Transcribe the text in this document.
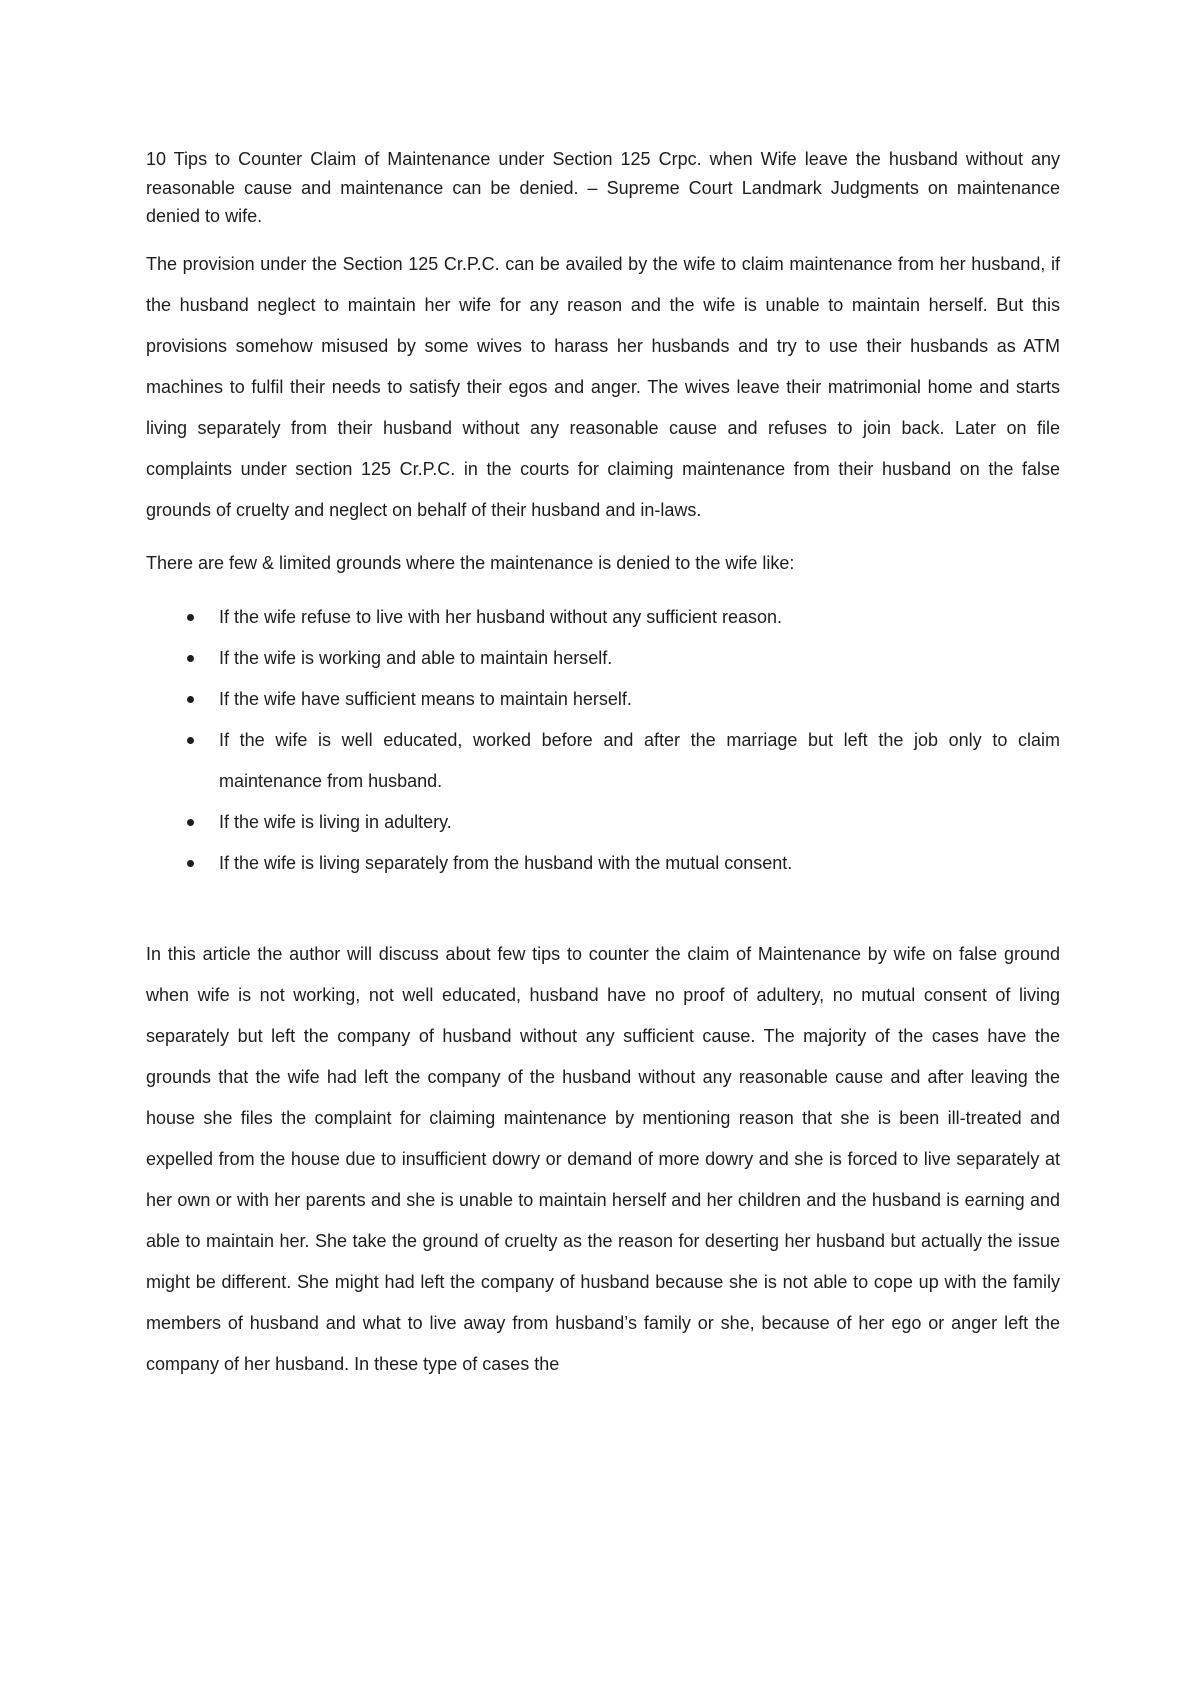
10 Tips to Counter Claim of Maintenance under Section 125 Crpc. when Wife leave the husband without any reasonable cause and maintenance can be denied. – Supreme Court Landmark Judgments on maintenance denied to wife.

The provision under the Section 125 Cr.P.C. can be availed by the wife to claim maintenance from her husband, if the husband neglect to maintain her wife for any reason and the wife is unable to maintain herself. But this provisions somehow misused by some wives to harass her husbands and try to use their husbands as ATM machines to fulfil their needs to satisfy their egos and anger. The wives leave their matrimonial home and starts living separately from their husband without any reasonable cause and refuses to join back. Later on file complaints under section 125 Cr.P.C. in the courts for claiming maintenance from their husband on the false grounds of cruelty and neglect on behalf of their husband and in-laws.

There are few & limited grounds where the maintenance is denied to the wife like:

If the wife refuse to live with her husband without any sufficient reason.
If the wife is working and able to maintain herself.
If the wife have sufficient means to maintain herself.
If the wife is well educated, worked before and after the marriage but left the job only to claim maintenance from husband.
If the wife is living in adultery.
If the wife is living separately from the husband with the mutual consent.

In this article the author will discuss about few tips to counter the claim of Maintenance by wife on false ground when wife is not working, not well educated, husband have no proof of adultery, no mutual consent of living separately but left the company of husband without any sufficient cause. The majority of the cases have the grounds that the wife had left the company of the husband without any reasonable cause and after leaving the house she files the complaint for claiming maintenance by mentioning reason that she is been ill-treated and expelled from the house due to insufficient dowry or demand of more dowry and she is forced to live separately at her own or with her parents and she is unable to maintain herself and her children and the husband is earning and able to maintain her. She take the ground of cruelty as the reason for deserting her husband but actually the issue might be different. She might had left the company of husband because she is not able to cope up with the family members of husband and what to live away from husband’s family or she, because of her ego or anger left the company of her husband. In these type of cases the
